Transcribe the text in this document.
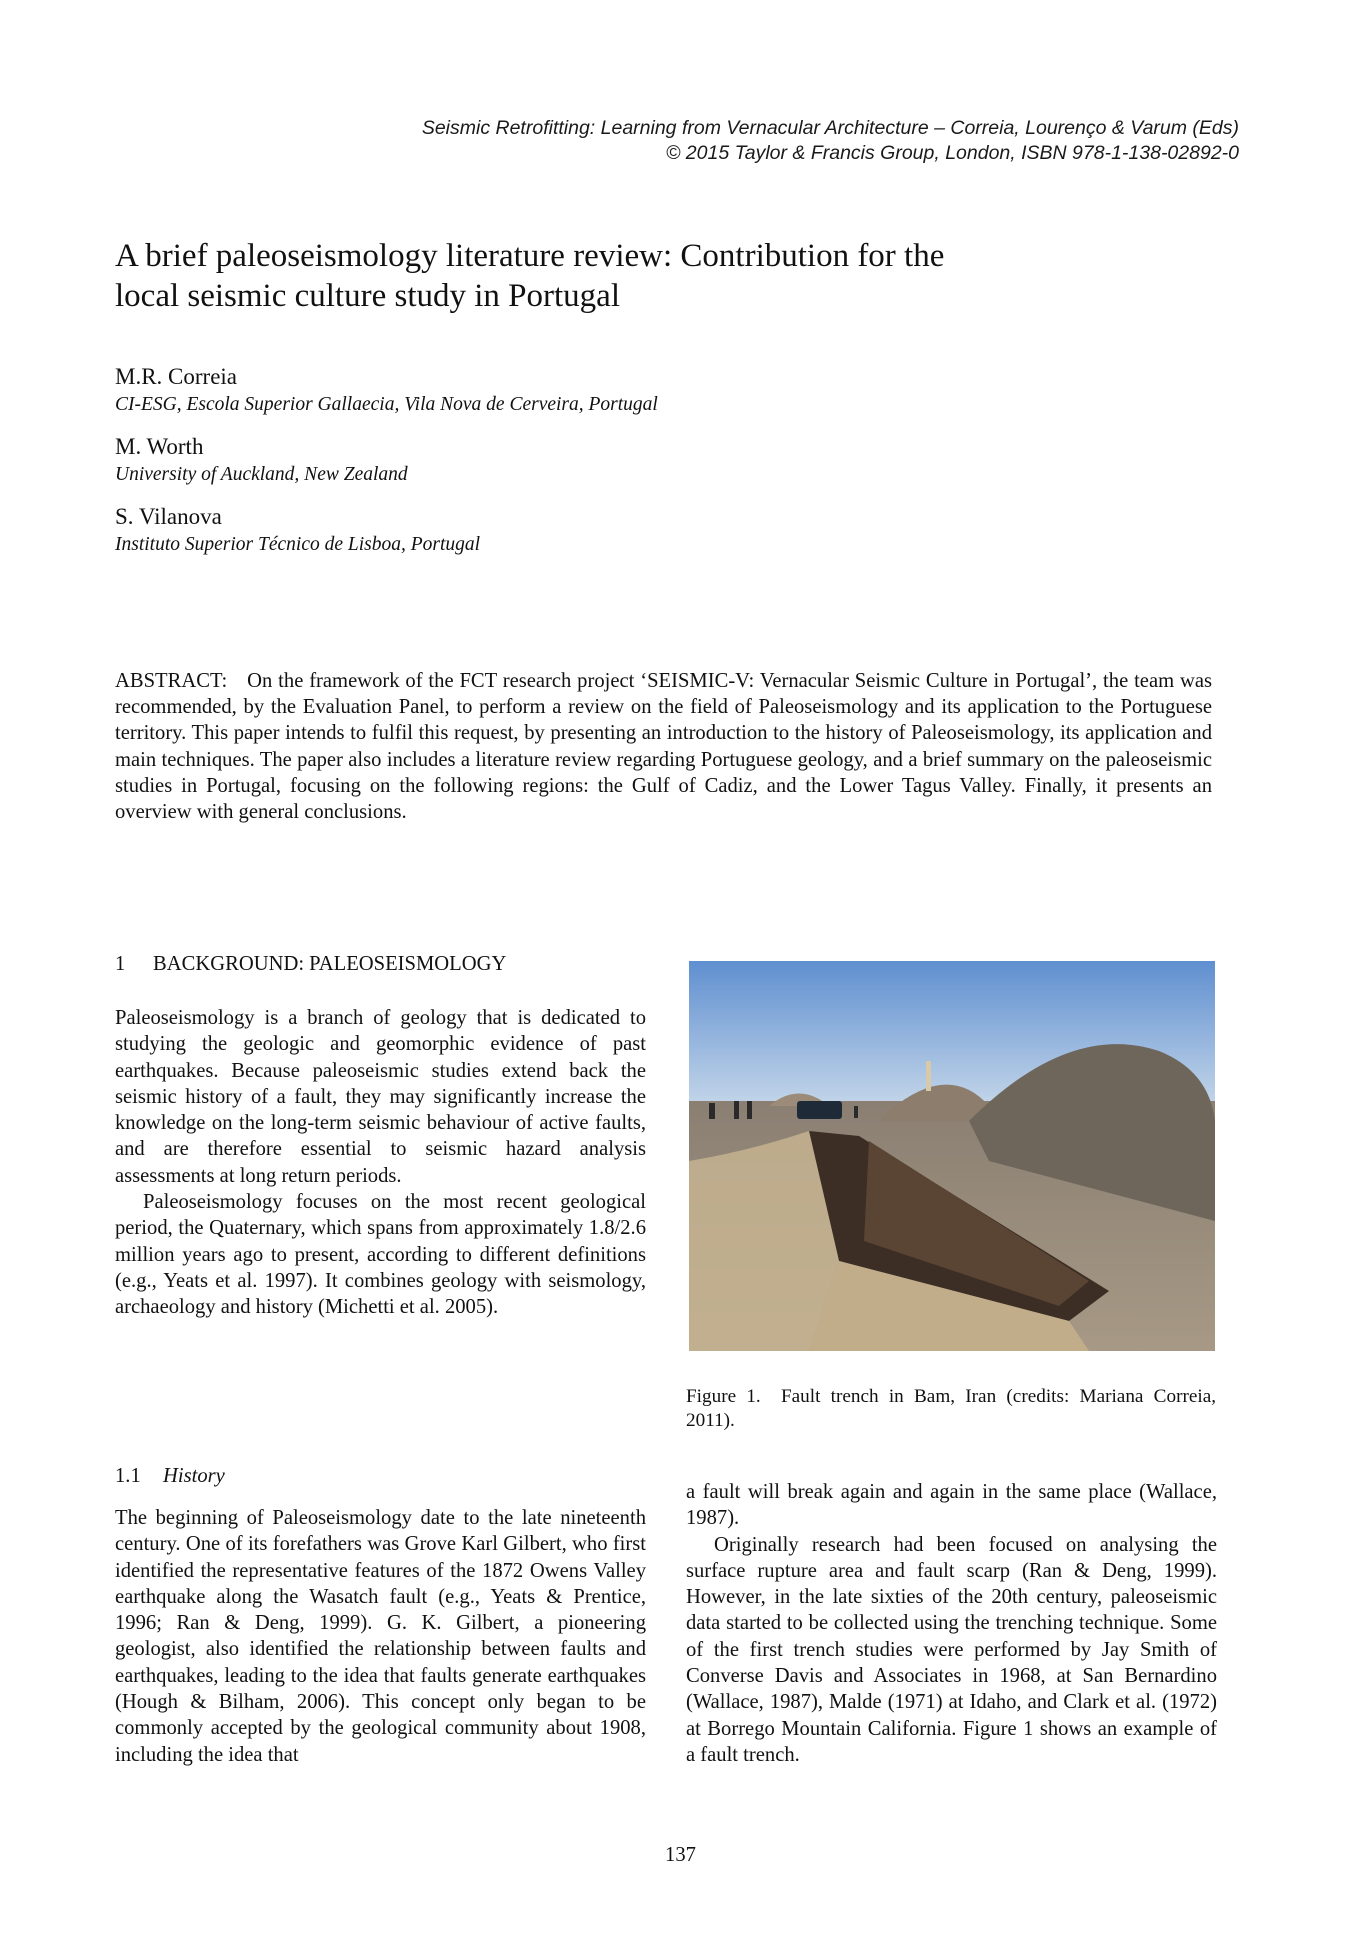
Seismic Retrofitting: Learning from Vernacular Architecture – Correia, Lourenço & Varum (Eds)
© 2015 Taylor & Francis Group, London, ISBN 978-1-138-02892-0
A brief paleoseismology literature review: Contribution for the
local seismic culture study in Portugal
M.R. Correia
CI-ESG, Escola Superior Gallaecia, Vila Nova de Cerveira, Portugal
M. Worth
University of Auckland, New Zealand
S. Vilanova
Instituto Superior Técnico de Lisboa, Portugal

ABSTRACT: On the framework of the FCT research project ‘SEISMIC-V: Vernacular Seismic Culture in Portugal’, the team was recommended, by the Evaluation Panel, to perform a review on the field of Paleoseismology and its application to the Portuguese territory. This paper intends to fulfil this request, by presenting an introduction to the history of Paleoseismology, its application and main techniques. The paper also includes a literature review regarding Portuguese geology, and a brief summary on the paleoseismic studies in Portugal, focusing on the following regions: the Gulf of Cadiz, and the Lower Tagus Valley. Finally, it presents an overview with general conclusions.

1 BACKGROUND: PALEOSEISMOLOGY

Paleoseismology is a branch of geology that is dedicated to studying the geologic and geomorphic evidence of past earthquakes. Because paleoseismic studies extend back the seismic history of a fault, they may significantly increase the knowledge on the long-term seismic behaviour of active faults, and are therefore essential to seismic hazard analysis assessments at long return periods.

Paleoseismology focuses on the most recent geological period, the Quaternary, which spans from approximately 1.8/2.6 million years ago to present, according to different definitions (e.g., Yeats et al. 1997). It combines geology with seismology, archaeology and history (Michetti et al. 2005).

Figure 1. Fault trench in Bam, Iran (credits: Mariana Correia, 2011).
1.1 History

The beginning of Paleoseismology date to the late nineteenth century. One of its forefathers was Grove Karl Gilbert, who first identified the representative features of the 1872 Owens Valley earthquake along the Wasatch fault (e.g., Yeats & Prentice, 1996; Ran & Deng, 1999). G. K. Gilbert, a pioneering geologist, also identified the relationship between faults and earthquakes, leading to the idea that faults generate earthquakes (Hough & Bilham, 2006). This concept only began to be commonly accepted by the geological community about 1908, including the idea that

a fault will break again and again in the same place (Wallace, 1987).

Originally research had been focused on analysing the surface rupture area and fault scarp (Ran & Deng, 1999). However, in the late sixties of the 20th century, paleoseismic data started to be collected using the trenching technique. Some of the first trench studies were performed by Jay Smith of Converse Davis and Associates in 1968, at San Bernardino (Wallace, 1987), Malde (1971) at Idaho, and Clark et al. (1972) at Borrego Mountain California. Figure 1 shows an example of a fault trench.

137
